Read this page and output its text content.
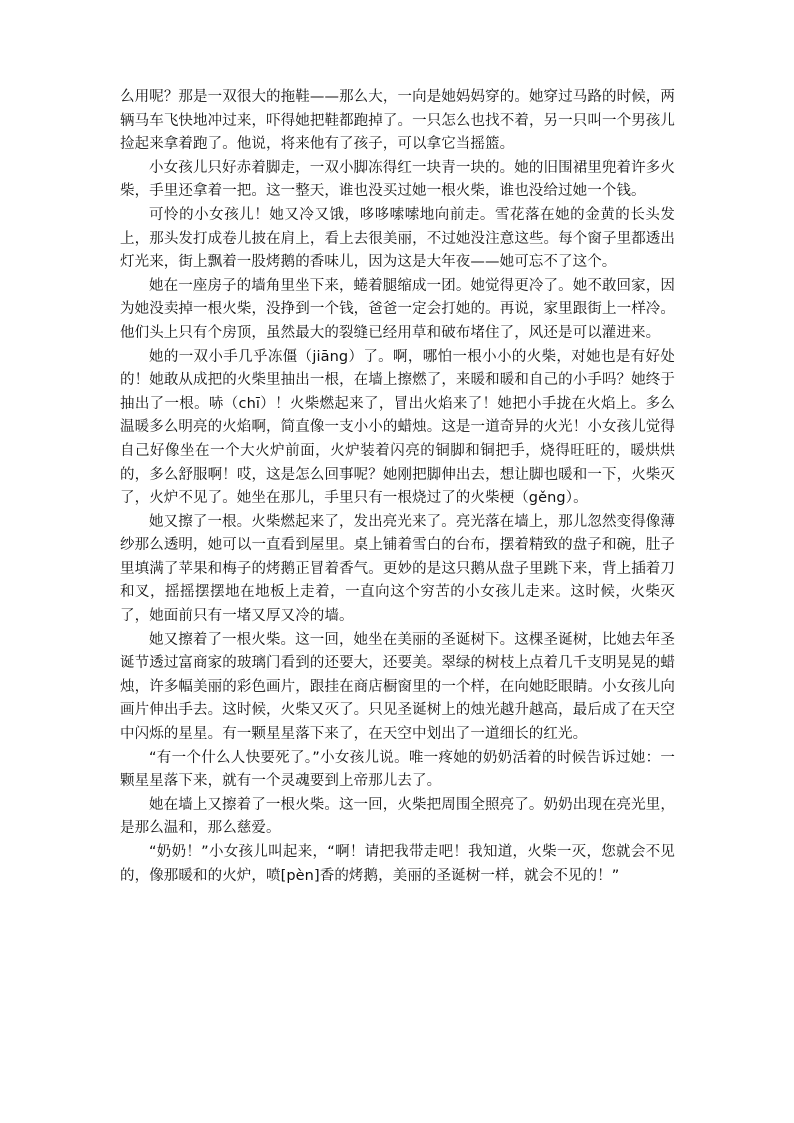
么用呢？那是一双很大的拖鞋——那么大，一向是她妈妈穿的。她穿过马路的时候，两辆马车飞快地冲过来，吓得她把鞋都跑掉了。一只怎么也找不着，另一只叫一个男孩儿捡起来拿着跑了。他说，将来他有了孩子，可以拿它当摇篮。

小女孩儿只好赤着脚走，一双小脚冻得红一块青一块的。她的旧围裙里兜着许多火柴，手里还拿着一把。这一整天，谁也没买过她一根火柴，谁也没给过她一个钱。

可怜的小女孩儿！她又冷又饿，哆哆嗦嗦地向前走。雪花落在她的金黄的长头发上，那头发打成卷儿披在肩上，看上去很美丽，不过她没注意这些。每个窗子里都透出灯光来，街上飘着一股烤鹅的香味儿，因为这是大年夜——她可忘不了这个。

她在一座房子的墙角里坐下来，蜷着腿缩成一团。她觉得更冷了。她不敢回家，因为她没卖掉一根火柴，没挣到一个钱，爸爸一定会打她的。再说，家里跟街上一样冷。他们头上只有个房顶，虽然最大的裂缝已经用草和破布堵住了，风还是可以灌进来。

她的一双小手几乎冻僵（jiāng）了。啊，哪怕一根小小的火柴，对她也是有好处的！她敢从成把的火柴里抽出一根，在墙上擦燃了，来暖和暖和自己的小手吗？她终于抽出了一根。哧（chī）！火柴燃起来了，冒出火焰来了！她把小手拢在火焰上。多么温暖多么明亮的火焰啊，简直像一支小小的蜡烛。这是一道奇异的火光！小女孩儿觉得自己好像坐在一个大火炉前面，火炉装着闪亮的铜脚和铜把手，烧得旺旺的，暖烘烘的，多么舒服啊！哎，这是怎么回事呢？她刚把脚伸出去，想让脚也暖和一下，火柴灭了，火炉不见了。她坐在那儿，手里只有一根烧过了的火柴梗（gěng）。

她又擦了一根。火柴燃起来了，发出亮光来了。亮光落在墙上，那儿忽然变得像薄纱那么透明，她可以一直看到屋里。桌上铺着雪白的台布，摆着精致的盘子和碗，肚子里填满了苹果和梅子的烤鹅正冒着香气。更妙的是这只鹅从盘子里跳下来，背上插着刀和叉，摇摇摆摆地在地板上走着，一直向这个穷苦的小女孩儿走来。这时候，火柴灭了，她面前只有一堵又厚又冷的墙。

她又擦着了一根火柴。这一回，她坐在美丽的圣诞树下。这棵圣诞树，比她去年圣诞节透过富商家的玻璃门看到的还要大，还要美。翠绿的树枝上点着几千支明晃晃的蜡烛，许多幅美丽的彩色画片，跟挂在商店橱窗里的一个样，在向她眨眼睛。小女孩儿向画片伸出手去。这时候，火柴又灭了。只见圣诞树上的烛光越升越高，最后成了在天空中闪烁的星星。有一颗星星落下来了，在天空中划出了一道细长的红光。

“有一个什么人快要死了。”小女孩儿说。唯一疼她的奶奶活着的时候告诉过她：一颗星星落下来，就有一个灵魂要到上帝那儿去了。

她在墙上又擦着了一根火柴。这一回，火柴把周围全照亮了。奶奶出现在亮光里，是那么温和，那么慈爱。

“奶奶！”小女孩儿叫起来，“啊！请把我带走吧！我知道，火柴一灭，您就会不见的，像那暖和的火炉，喷[pèn]香的烤鹅，美丽的圣诞树一样，就会不见的！”
